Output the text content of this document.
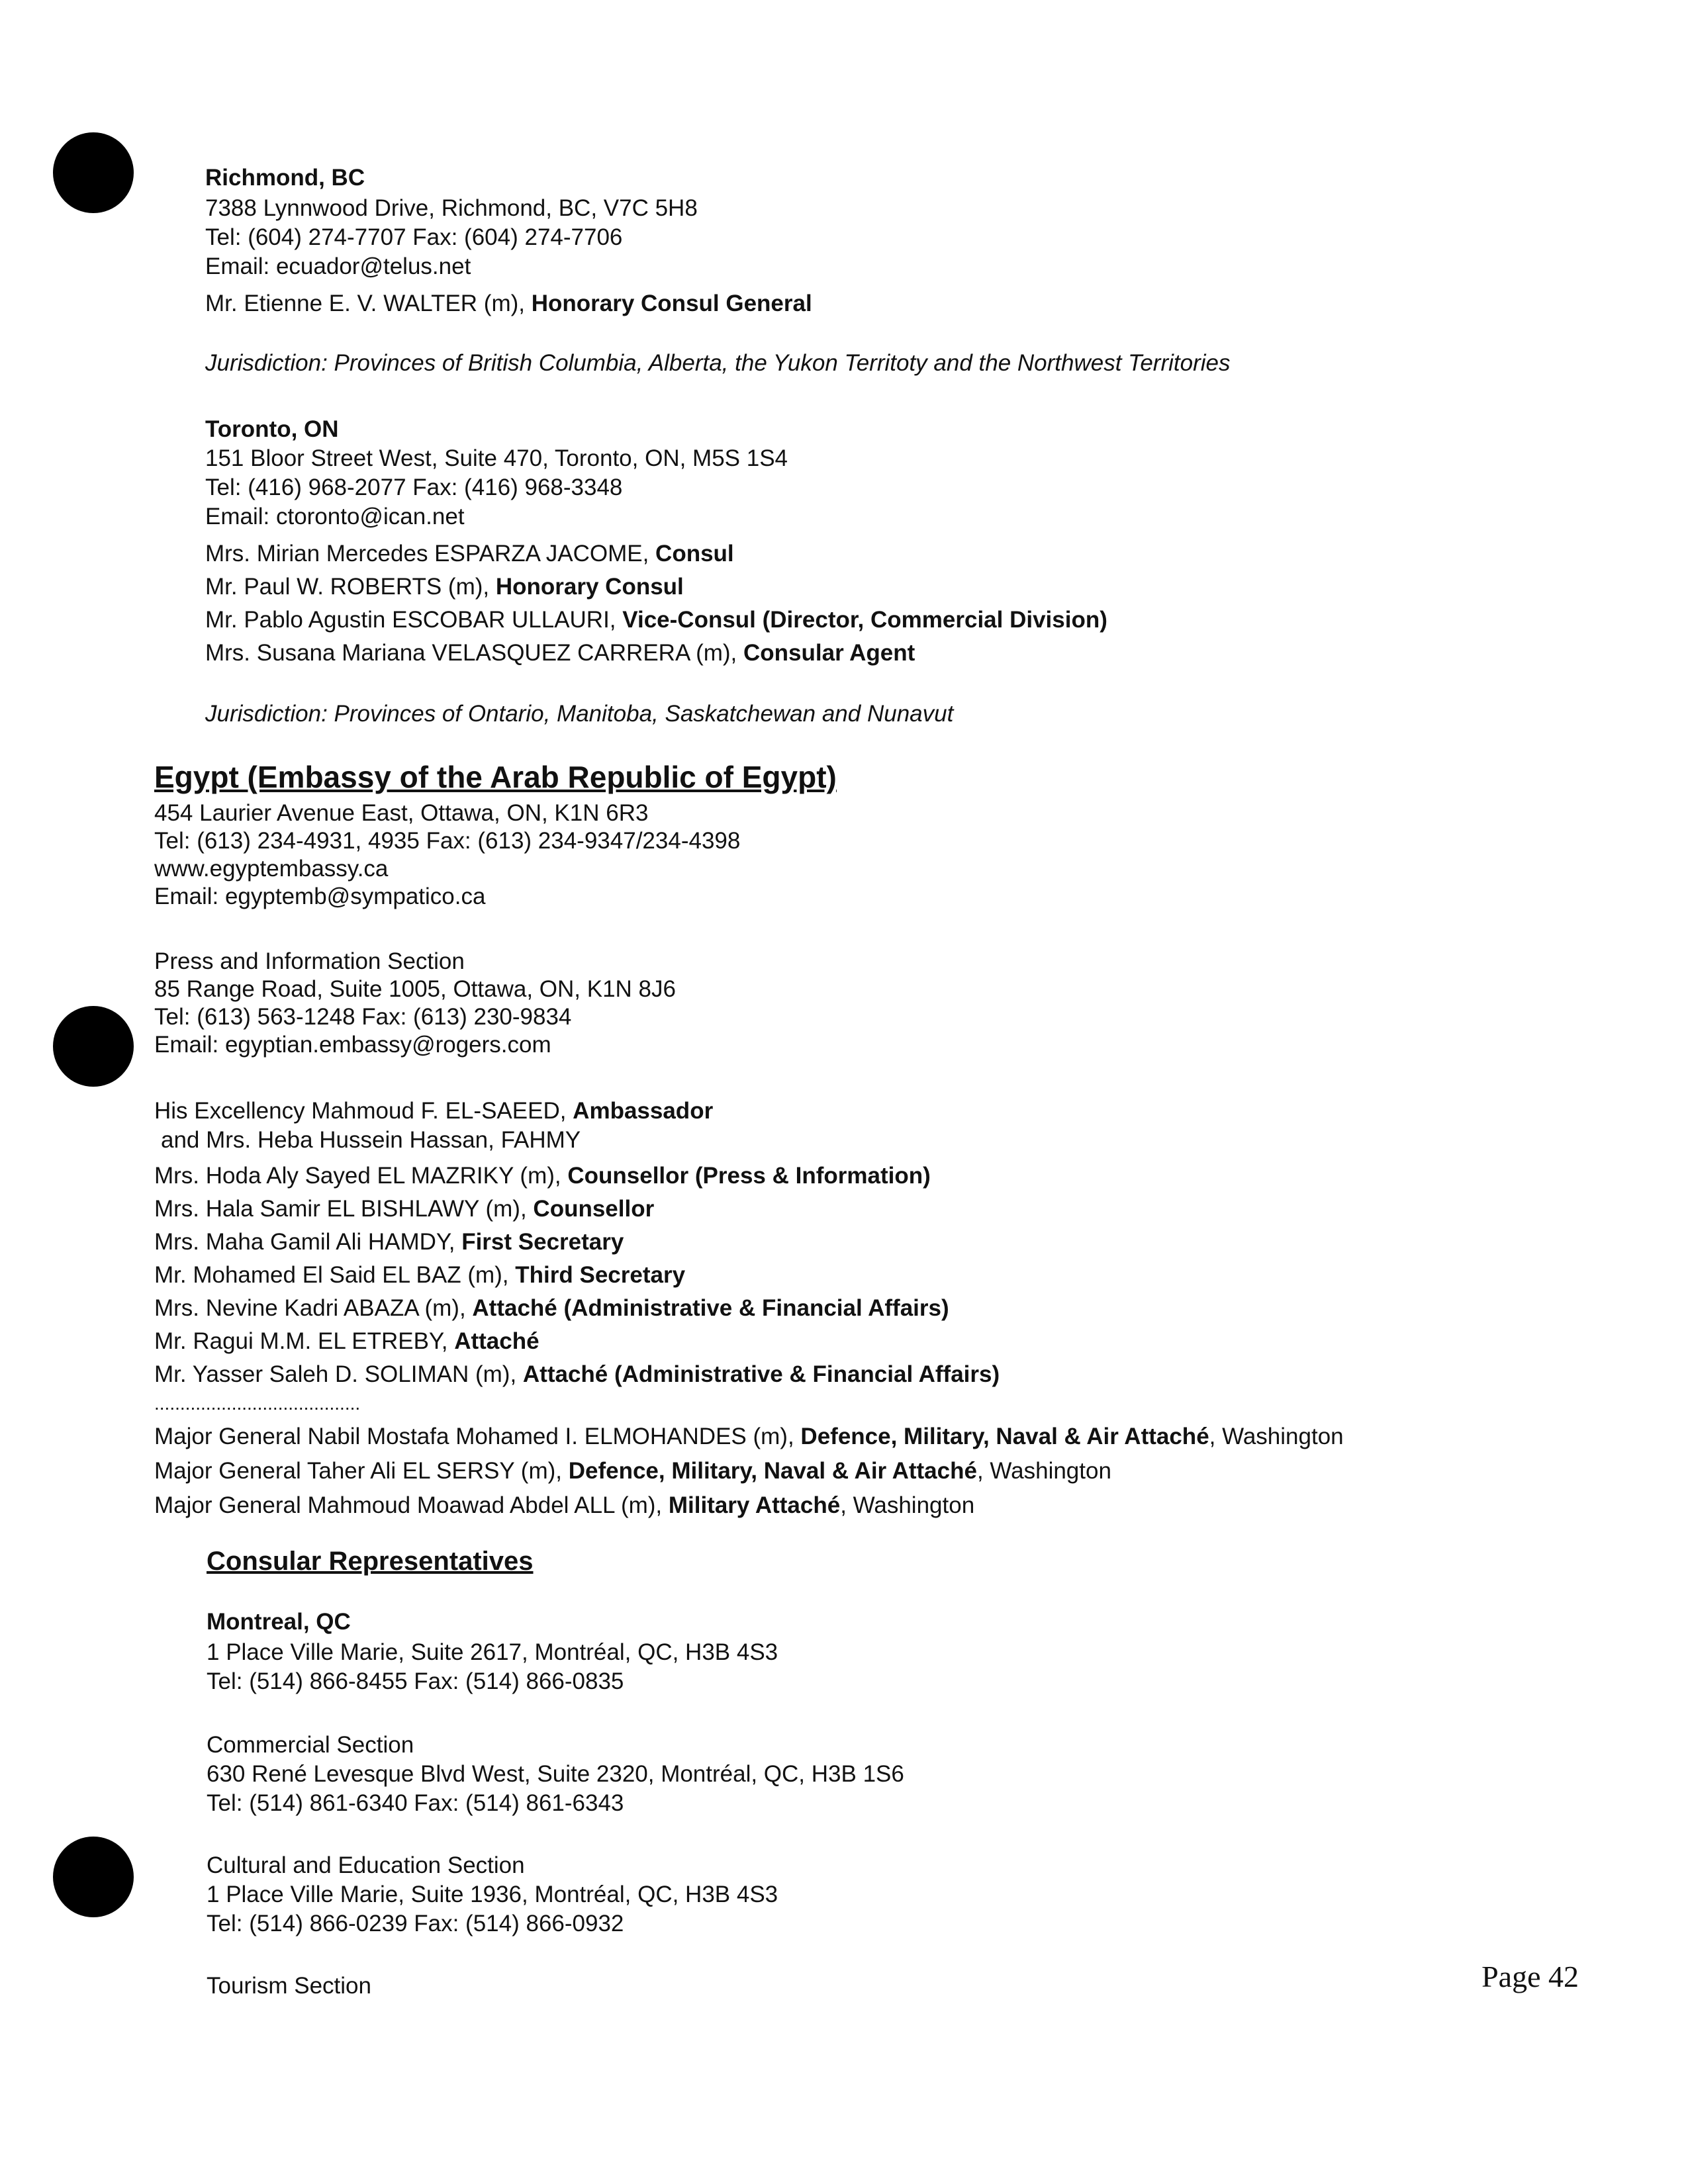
Richmond, BC
7388 Lynnwood Drive, Richmond, BC, V7C 5H8
Tel: (604) 274-7707 Fax: (604) 274-7706
Email: ecuador@telus.net
Mr. Etienne E. V. WALTER (m), Honorary Consul General
Jurisdiction: Provinces of British Columbia, Alberta, the Yukon Territoty and the Northwest Territories
Toronto, ON
151 Bloor Street West, Suite 470, Toronto, ON, M5S 1S4
Tel: (416) 968-2077 Fax: (416) 968-3348
Email: ctoronto@ican.net
Mrs. Mirian Mercedes ESPARZA JACOME, Consul
Mr. Paul W. ROBERTS (m), Honorary Consul
Mr. Pablo Agustin ESCOBAR ULLAURI, Vice-Consul (Director, Commercial Division)
Mrs. Susana Mariana VELASQUEZ CARRERA (m), Consular Agent
Jurisdiction: Provinces of Ontario, Manitoba, Saskatchewan and Nunavut
Egypt (Embassy of the Arab Republic of Egypt)
454 Laurier Avenue East, Ottawa, ON, K1N 6R3
Tel: (613) 234-4931, 4935 Fax: (613) 234-9347/234-4398
www.egyptembassy.ca
Email: egyptemb@sympatico.ca
Press and Information Section
85 Range Road, Suite 1005, Ottawa, ON, K1N 8J6
Tel: (613) 563-1248 Fax: (613) 230-9834
Email: egyptian.embassy@rogers.com
His Excellency Mahmoud F. EL-SAEED, Ambassador
and Mrs. Heba Hussein Hassan, FAHMY
Mrs. Hoda Aly Sayed EL MAZRIKY (m), Counsellor (Press & Information)
Mrs. Hala Samir EL BISHLAWY (m), Counsellor
Mrs. Maha Gamil Ali HAMDY, First Secretary
Mr. Mohamed El Said EL BAZ (m), Third Secretary
Mrs. Nevine Kadri ABAZA (m), Attaché (Administrative & Financial Affairs)
Mr. Ragui M.M. EL ETREBY, Attaché
Mr. Yasser Saleh D. SOLIMAN (m), Attaché (Administrative & Financial Affairs)
........................................
Major General Nabil Mostafa Mohamed I. ELMOHANDES (m), Defence, Military, Naval & Air Attaché, Washington
Major General Taher Ali EL SERSY (m), Defence, Military, Naval & Air Attaché, Washington
Major General Mahmoud Moawad Abdel ALL (m), Military Attaché, Washington
Consular Representatives
Montreal, QC
1 Place Ville Marie, Suite 2617, Montréal, QC, H3B 4S3
Tel: (514) 866-8455 Fax: (514) 866-0835
Commercial Section
630 René Levesque Blvd West, Suite 2320, Montréal, QC, H3B 1S6
Tel: (514) 861-6340 Fax: (514) 861-6343
Cultural and Education Section
1 Place Ville Marie, Suite 1936, Montréal, QC, H3B 4S3
Tel: (514) 866-0239 Fax: (514) 866-0932
Tourism Section	Page 42
